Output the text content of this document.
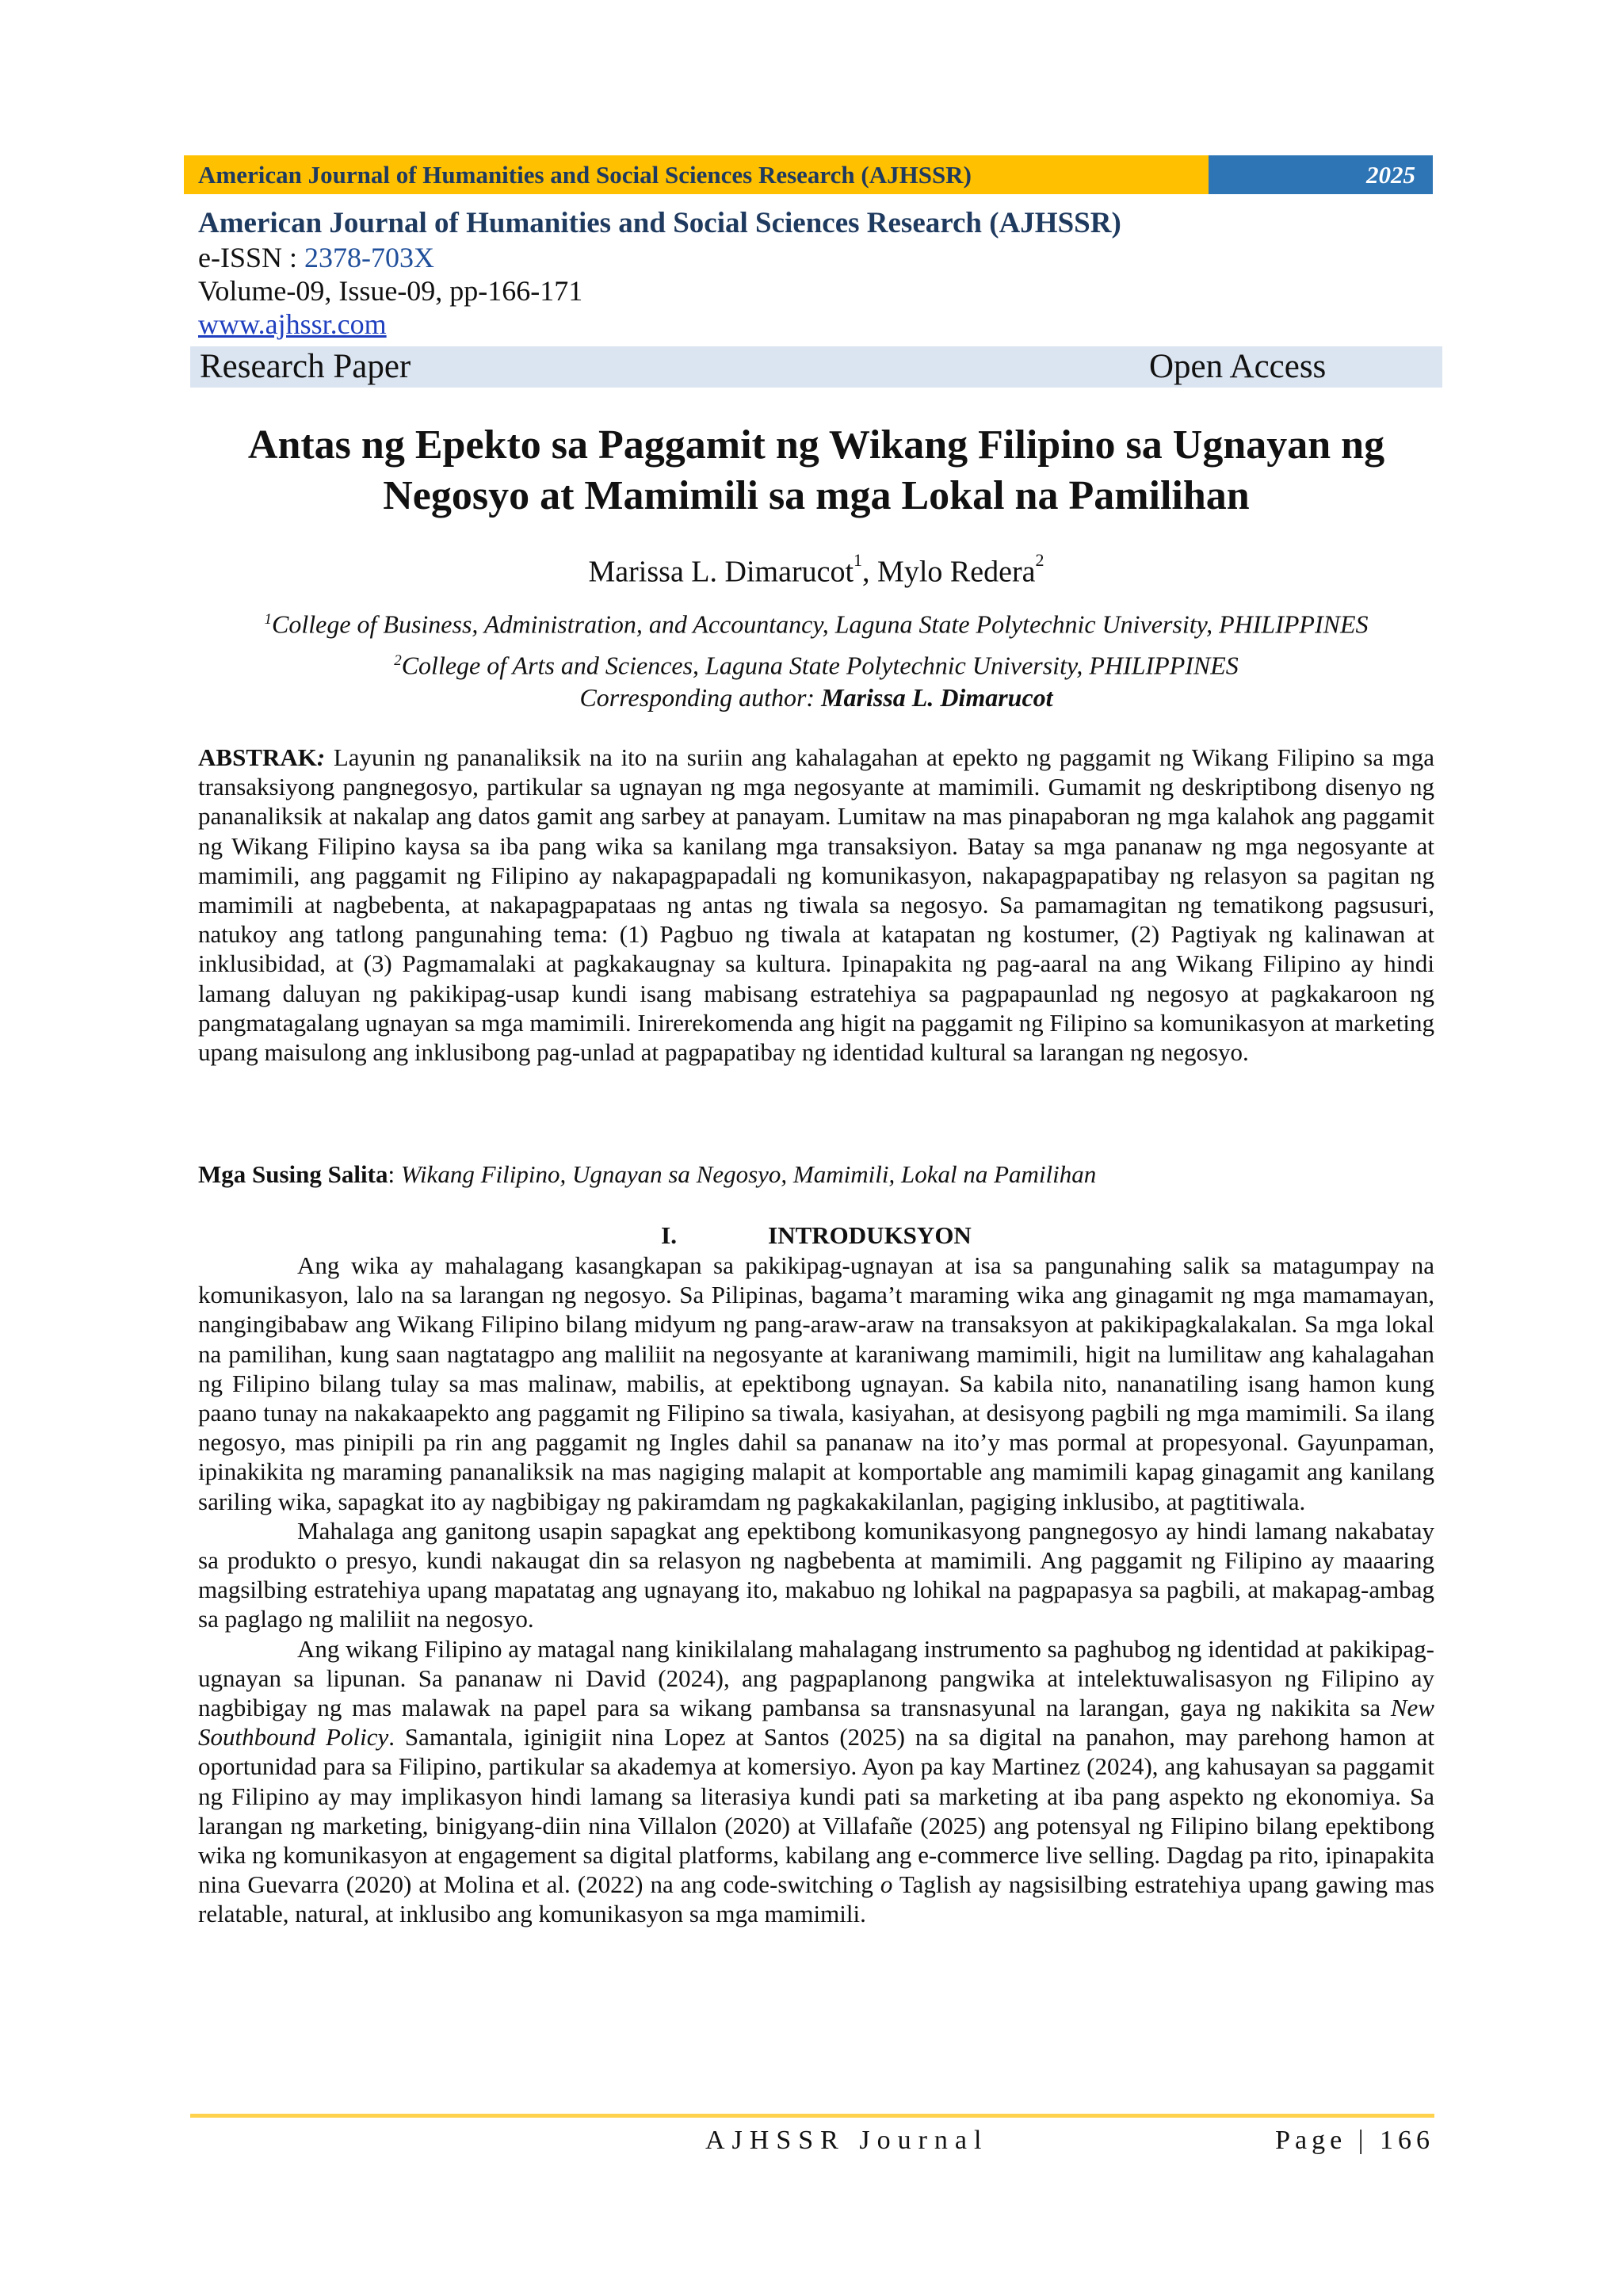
American Journal of Humanities and Social Sciences Research (AJHSSR)	2025
American Journal of Humanities and Social Sciences Research (AJHSSR)
e-ISSN : 2378-703X
Volume-09, Issue-09, pp-166-171
www.ajhssr.com
Research Paper	Open Access
Antas ng Epekto sa Paggamit ng Wikang Filipino sa Ugnayan ng
Negosyo at Mamimili sa mga Lokal na Pamilihan
Marissa L. Dimarucot$^1$, Mylo Redera$^2$
$^1$College of Business, Administration, and Accountancy, Laguna State Polytechnic University, PHILIPPINES
$^2$College of Arts and Sciences, Laguna State Polytechnic University, PHILIPPINES
Corresponding author: Marissa L. Dimarucot
ABSTRAK: Layunin ng pananaliksik na ito na suriin ang kahalagahan at epekto ng paggamit ng Wikang Filipino sa mga transaksiyong pangnegosyo, partikular sa ugnayan ng mga negosyante at mamimili. Gumamit ng deskriptibong disenyo ng pananaliksik at nakalap ang datos gamit ang sarbey at panayam. Lumitaw na mas pinapaboran ng mga kalahok ang paggamit ng Wikang Filipino kaysa sa iba pang wika sa kanilang mga transaksiyon. Batay sa mga pananaw ng mga negosyante at mamimili, ang paggamit ng Filipino ay nakapagpapadali ng komunikasyon, nakapagpapatibay ng relasyon sa pagitan ng mamimili at nagbebenta, at nakapagpapataas ng antas ng tiwala sa negosyo. Sa pamamagitan ng tematikong pagsusuri, natukoy ang tatlong pangunahing tema: (1) Pagbuo ng tiwala at katapatan ng kostumer, (2) Pagtiyak ng kalinawan at inklusibidad, at (3) Pagmamalaki at pagkakaugnay sa kultura. Ipinapakita ng pag-aaral na ang Wikang Filipino ay hindi lamang daluyan ng pakikipag-usap kundi isang mabisang estratehiya sa pagpapaunlad ng negosyo at pagkakaroon ng pangmatagalang ugnayan sa mga mamimili. Inirerekomenda ang higit na paggamit ng Filipino sa komunikasyon at marketing upang maisulong ang inklusibong pag-unlad at pagpapatibay ng identidad kultural sa larangan ng negosyo.
Mga Susing Salita: Wikang Filipino, Ugnayan sa Negosyo, Mamimili, Lokal na Pamilihan
I.	INTRODUKSYON

Ang wika ay mahalagang kasangkapan sa pakikipag-ugnayan at isa sa pangunahing salik sa matagumpay na komunikasyon, lalo na sa larangan ng negosyo. Sa Pilipinas, bagama’t maraming wika ang ginagamit ng mga mamamayan, nangingibabaw ang Wikang Filipino bilang midyum ng pang-araw-araw na transaksyon at pakikipagkalakalan. Sa mga lokal na pamilihan, kung saan nagtatagpo ang maliliit na negosyante at karaniwang mamimili, higit na lumilitaw ang kahalagahan ng Filipino bilang tulay sa mas malinaw, mabilis, at epektibong ugnayan. Sa kabila nito, nananatiling isang hamon kung paano tunay na nakakaapekto ang paggamit ng Filipino sa tiwala, kasiyahan, at desisyong pagbili ng mga mamimili. Sa ilang negosyo, mas pinipili pa rin ang paggamit ng Ingles dahil sa pananaw na ito’y mas pormal at propesyonal. Gayunpaman, ipinakikita ng maraming pananaliksik na mas nagiging malapit at komportable ang mamimili kapag ginagamit ang kanilang sariling wika, sapagkat ito ay nagbibigay ng pakiramdam ng pagkakakilanlan, pagiging inklusibo, at pagtitiwala.

Mahalaga ang ganitong usapin sapagkat ang epektibong komunikasyong pangnegosyo ay hindi lamang nakabatay sa produkto o presyo, kundi nakaugat din sa relasyon ng nagbebenta at mamimili. Ang paggamit ng Filipino ay maaaring magsilbing estratehiya upang mapatatag ang ugnayang ito, makabuo ng lohikal na pagpapasya sa pagbili, at makapag-ambag sa paglago ng maliliit na negosyo.

Ang wikang Filipino ay matagal nang kinikilalang mahalagang instrumento sa paghubog ng identidad at pakikipag-ugnayan sa lipunan. Sa pananaw ni David (2024), ang pagpaplanong pangwika at intelektuwalisasyon ng Filipino ay nagbibigay ng mas malawak na papel para sa wikang pambansa sa transnasyunal na larangan, gaya ng nakikita sa New Southbound Policy. Samantala, iginigiit nina Lopez at Santos (2025) na sa digital na panahon, may parehong hamon at oportunidad para sa Filipino, partikular sa akademya at komersiyo. Ayon pa kay Martinez (2024), ang kahusayan sa paggamit ng Filipino ay may implikasyon hindi lamang sa literasiya kundi pati sa marketing at iba pang aspekto ng ekonomiya. Sa larangan ng marketing, binigyang-diin nina Villalon (2020) at Villafañe (2025) ang potensyal ng Filipino bilang epektibong wika ng komunikasyon at engagement sa digital platforms, kabilang ang e-commerce live selling. Dagdag pa rito, ipinapakita nina Guevarra (2020) at Molina et al. (2022) na ang code-switching o Taglish ay nagsisilbing estratehiya upang gawing mas relatable, natural, at inklusibo ang komunikasyon sa mga mamimili.

AJHSSR Journal	Page | 166
